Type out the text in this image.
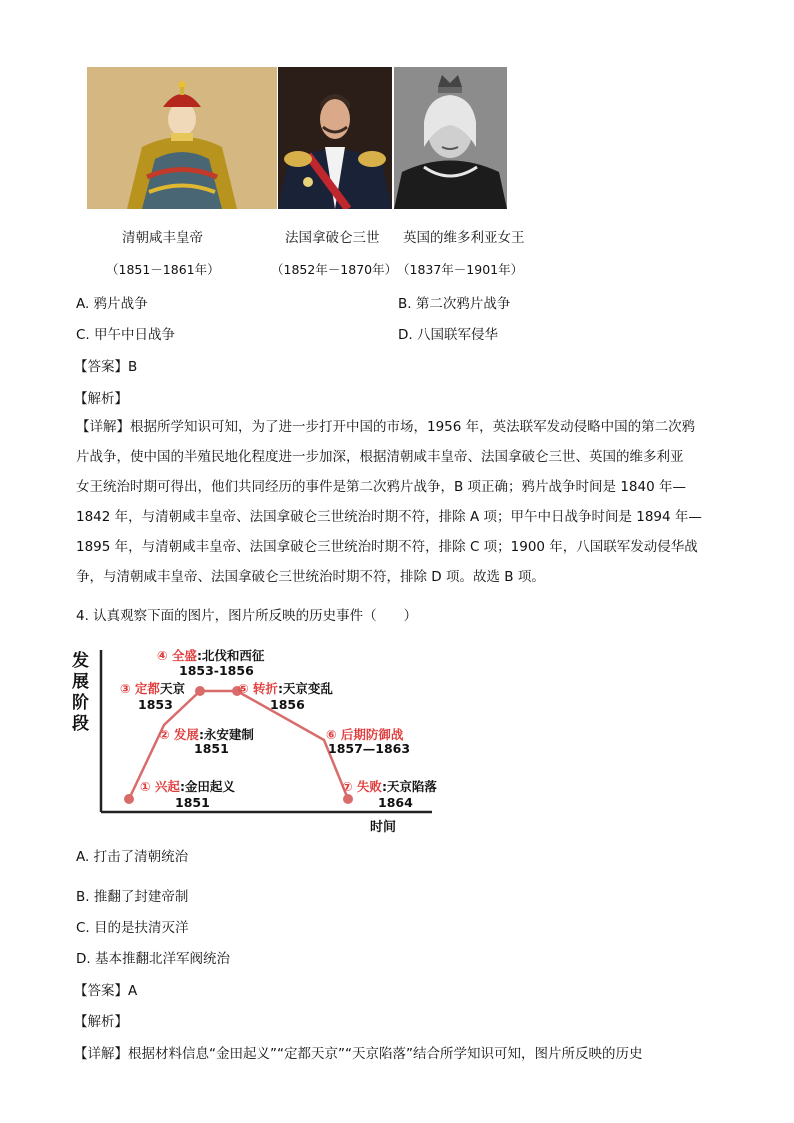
清朝咸丰皇帝	法国拿破仑三世 英国的维多利亚女王
（1851－1861年）	（1852年－1870年） （1837年－1901年）
A. 鸦片战争	B. 第二次鸦片战争
C. 甲午中日战争	D. 八国联军侵华
【答案】B
【解析】
【详解】根据所学知识可知，为了进一步打开中国的市场，1956 年，英法联军发动侵略中国的第二次鸦
片战争，使中国的半殖民地化程度进一步加深，根据清朝咸丰皇帝、法国拿破仑三世、英国的维多利亚
女王统治时期可得出，他们共同经历的事件是第二次鸦片战争，B 项正确；鸦片战争时间是 1840 年—
1842 年，与清朝咸丰皇帝、法国拿破仑三世统治时期不符，排除 A 项；甲午中日战争时间是 1894 年—
1895 年，与清朝咸丰皇帝、法国拿破仑三世统治时期不符，排除 C 项；1900 年，八国联军发动侵华战
争，与清朝咸丰皇帝、法国拿破仑三世统治时期不符，排除 D 项。故选 B 项。
4. 认真观察下面的图片，图片所反映的历史事件（　　）
发
展
阶
段
时间
① 兴起:金田起义
1851
② 发展:永安建制
1851
③ 定都天京
1853
④ 全盛:北伐和西征
1853-1856
⑤ 转折:天京变乱
1856
⑥ 后期防御战
1857—1863
⑦ 失败:天京陷落
1864
A. 打击了清朝统治
B. 推翻了封建帝制
C. 目的是扶清灭洋
D. 基本推翻北洋军阀统治
【答案】A
【解析】
【详解】根据材料信息“金田起义”“定都天京”“天京陷落”结合所学知识可知，图片所反映的历史
